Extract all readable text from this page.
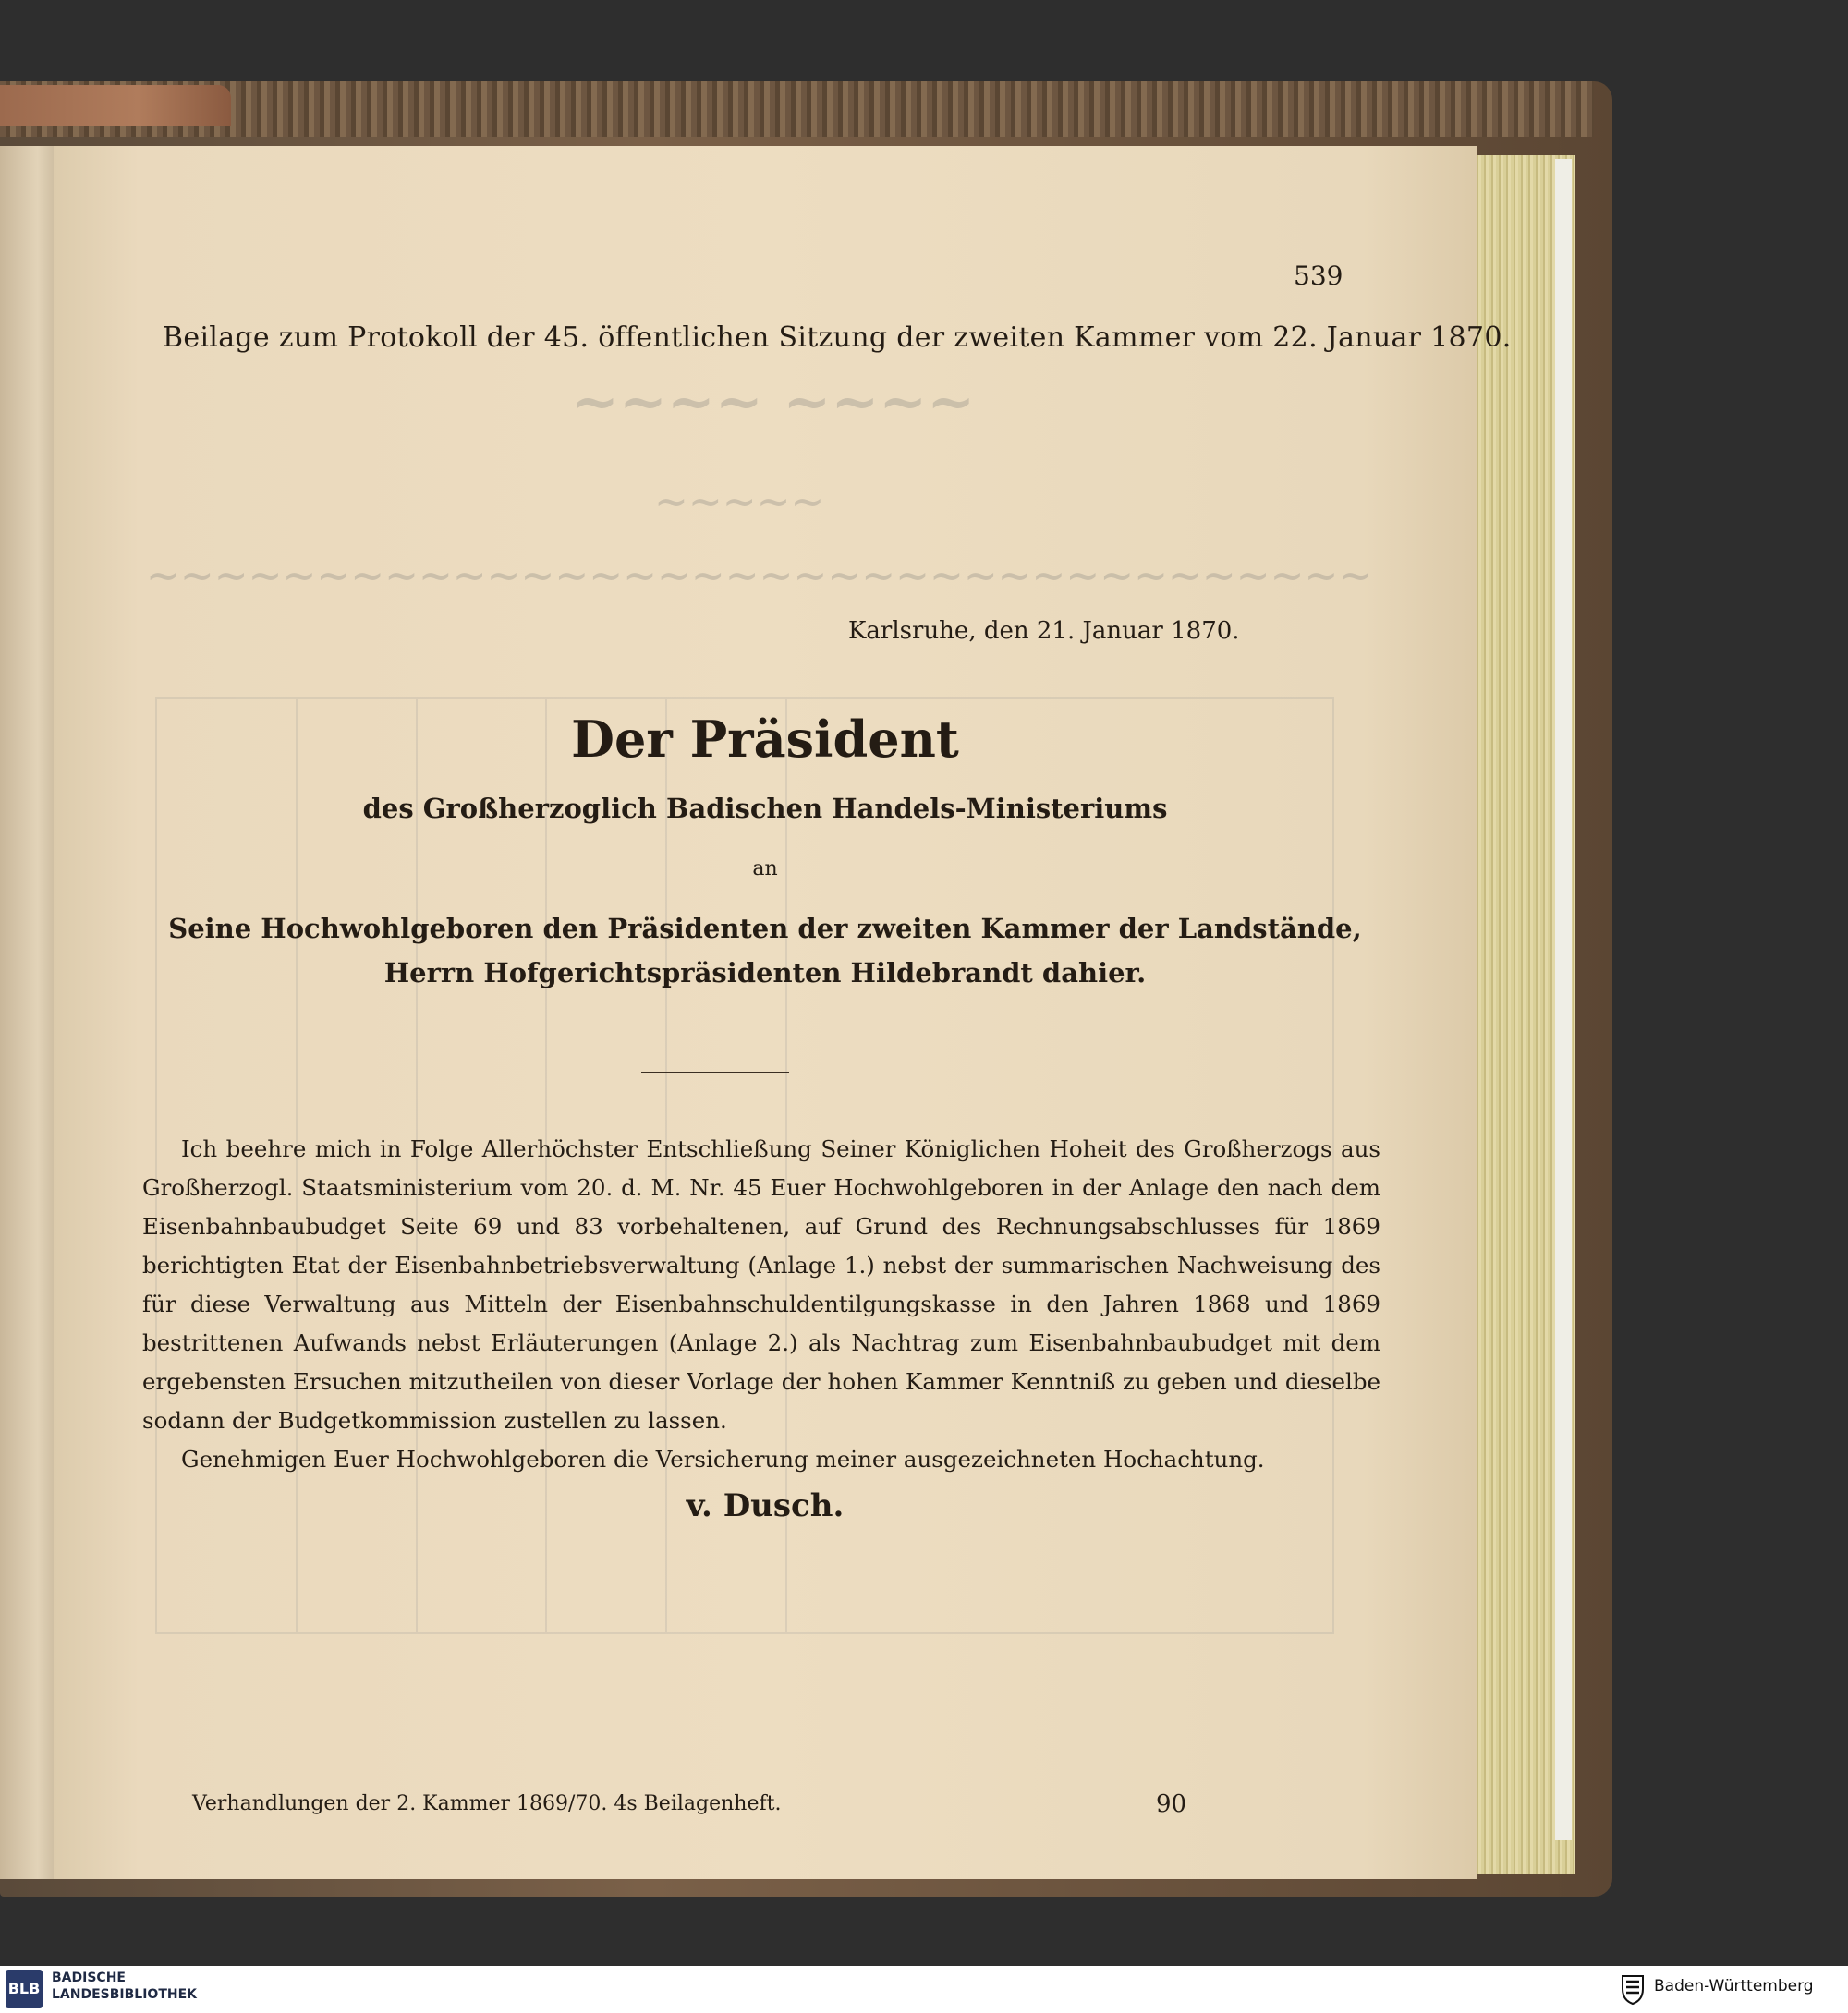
~~~~ ~~~~
~~~~~
~~~~~~~~~~~~~~~~~~~~~~~~~~~~~~~~~~~~
539
Beilage zum Protokoll der 45. öffentlichen Sitzung der zweiten Kammer vom 22. Januar 1870.
Karlsruhe, den 21. Januar 1870.
Der Präsident
des Großherzoglich Badischen Handels-Ministeriums
an
Seine Hochwohlgeboren den Präsidenten der zweiten Kammer der Landstände,
Herrn Hofgerichtspräsidenten Hildebrandt dahier.

Ich beehre mich in Folge Allerhöchster Entschließung Seiner Königlichen Hoheit des Großherzogs aus Großherzogl. Staatsministerium vom 20. d. M. Nr. 45 Euer Hochwohlgeboren in der Anlage den nach dem Eisenbahnbaubudget Seite 69 und 83 vorbehaltenen, auf Grund des Rechnungsabschlusses für 1869 berichtigten Etat der Eisenbahnbetriebsverwaltung (Anlage 1.) nebst der summarischen Nachweisung des für diese Verwaltung aus Mitteln der Eisenbahnschuldentilgungskasse in den Jahren 1868 und 1869 bestrittenen Aufwands nebst Erläuterungen (Anlage 2.) als Nachtrag zum Eisenbahnbaubudget mit dem ergebensten Ersuchen mitzutheilen von dieser Vorlage der hohen Kammer Kenntniß zu geben und dieselbe sodann der Budgetkommission zustellen zu lassen.

Genehmigen Euer Hochwohlgeboren die Versicherung meiner ausgezeichneten Hochachtung.

v. Dusch.
Verhandlungen der 2. Kammer 1869/70. 4s Beilagenheft.	90
BLB
BADISCHE
LANDESBIBLIOTHEK	Baden-Württemberg
